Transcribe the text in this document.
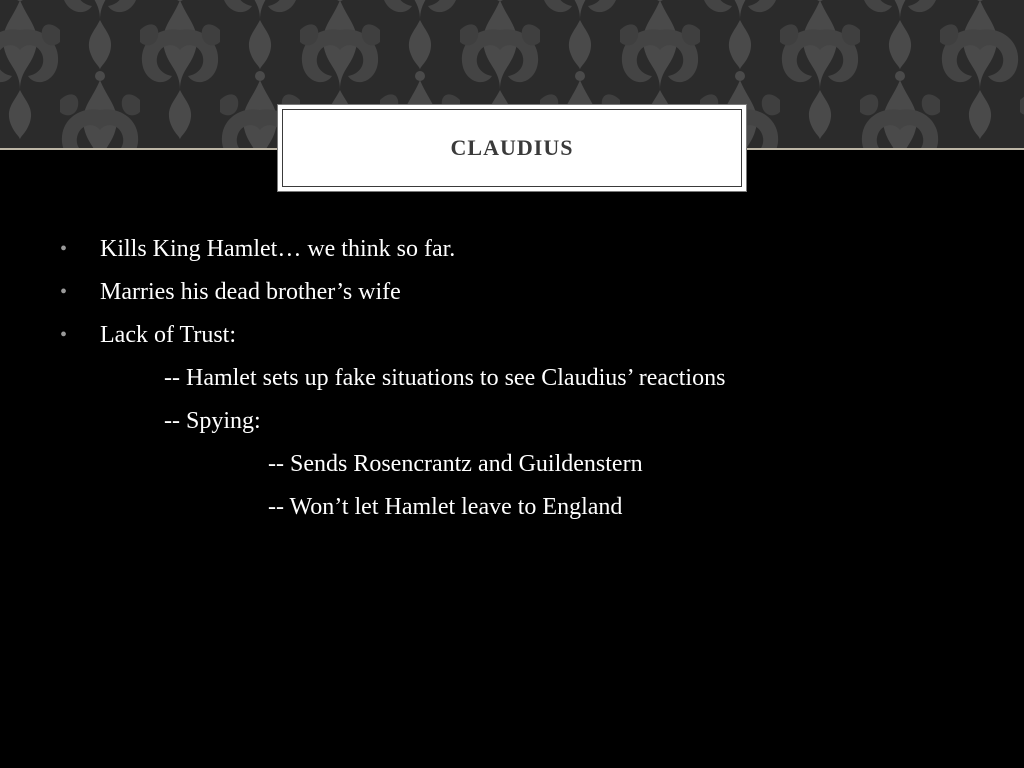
CLAUDIUS
• Kills King Hamlet… we think so far.
• Marries his dead brother’s wife
• Lack of Trust:
-- Hamlet sets up fake situations to see Claudius’ reactions
-- Spying:
-- Sends Rosencrantz and Guildenstern
-- Won’t let Hamlet leave to England
